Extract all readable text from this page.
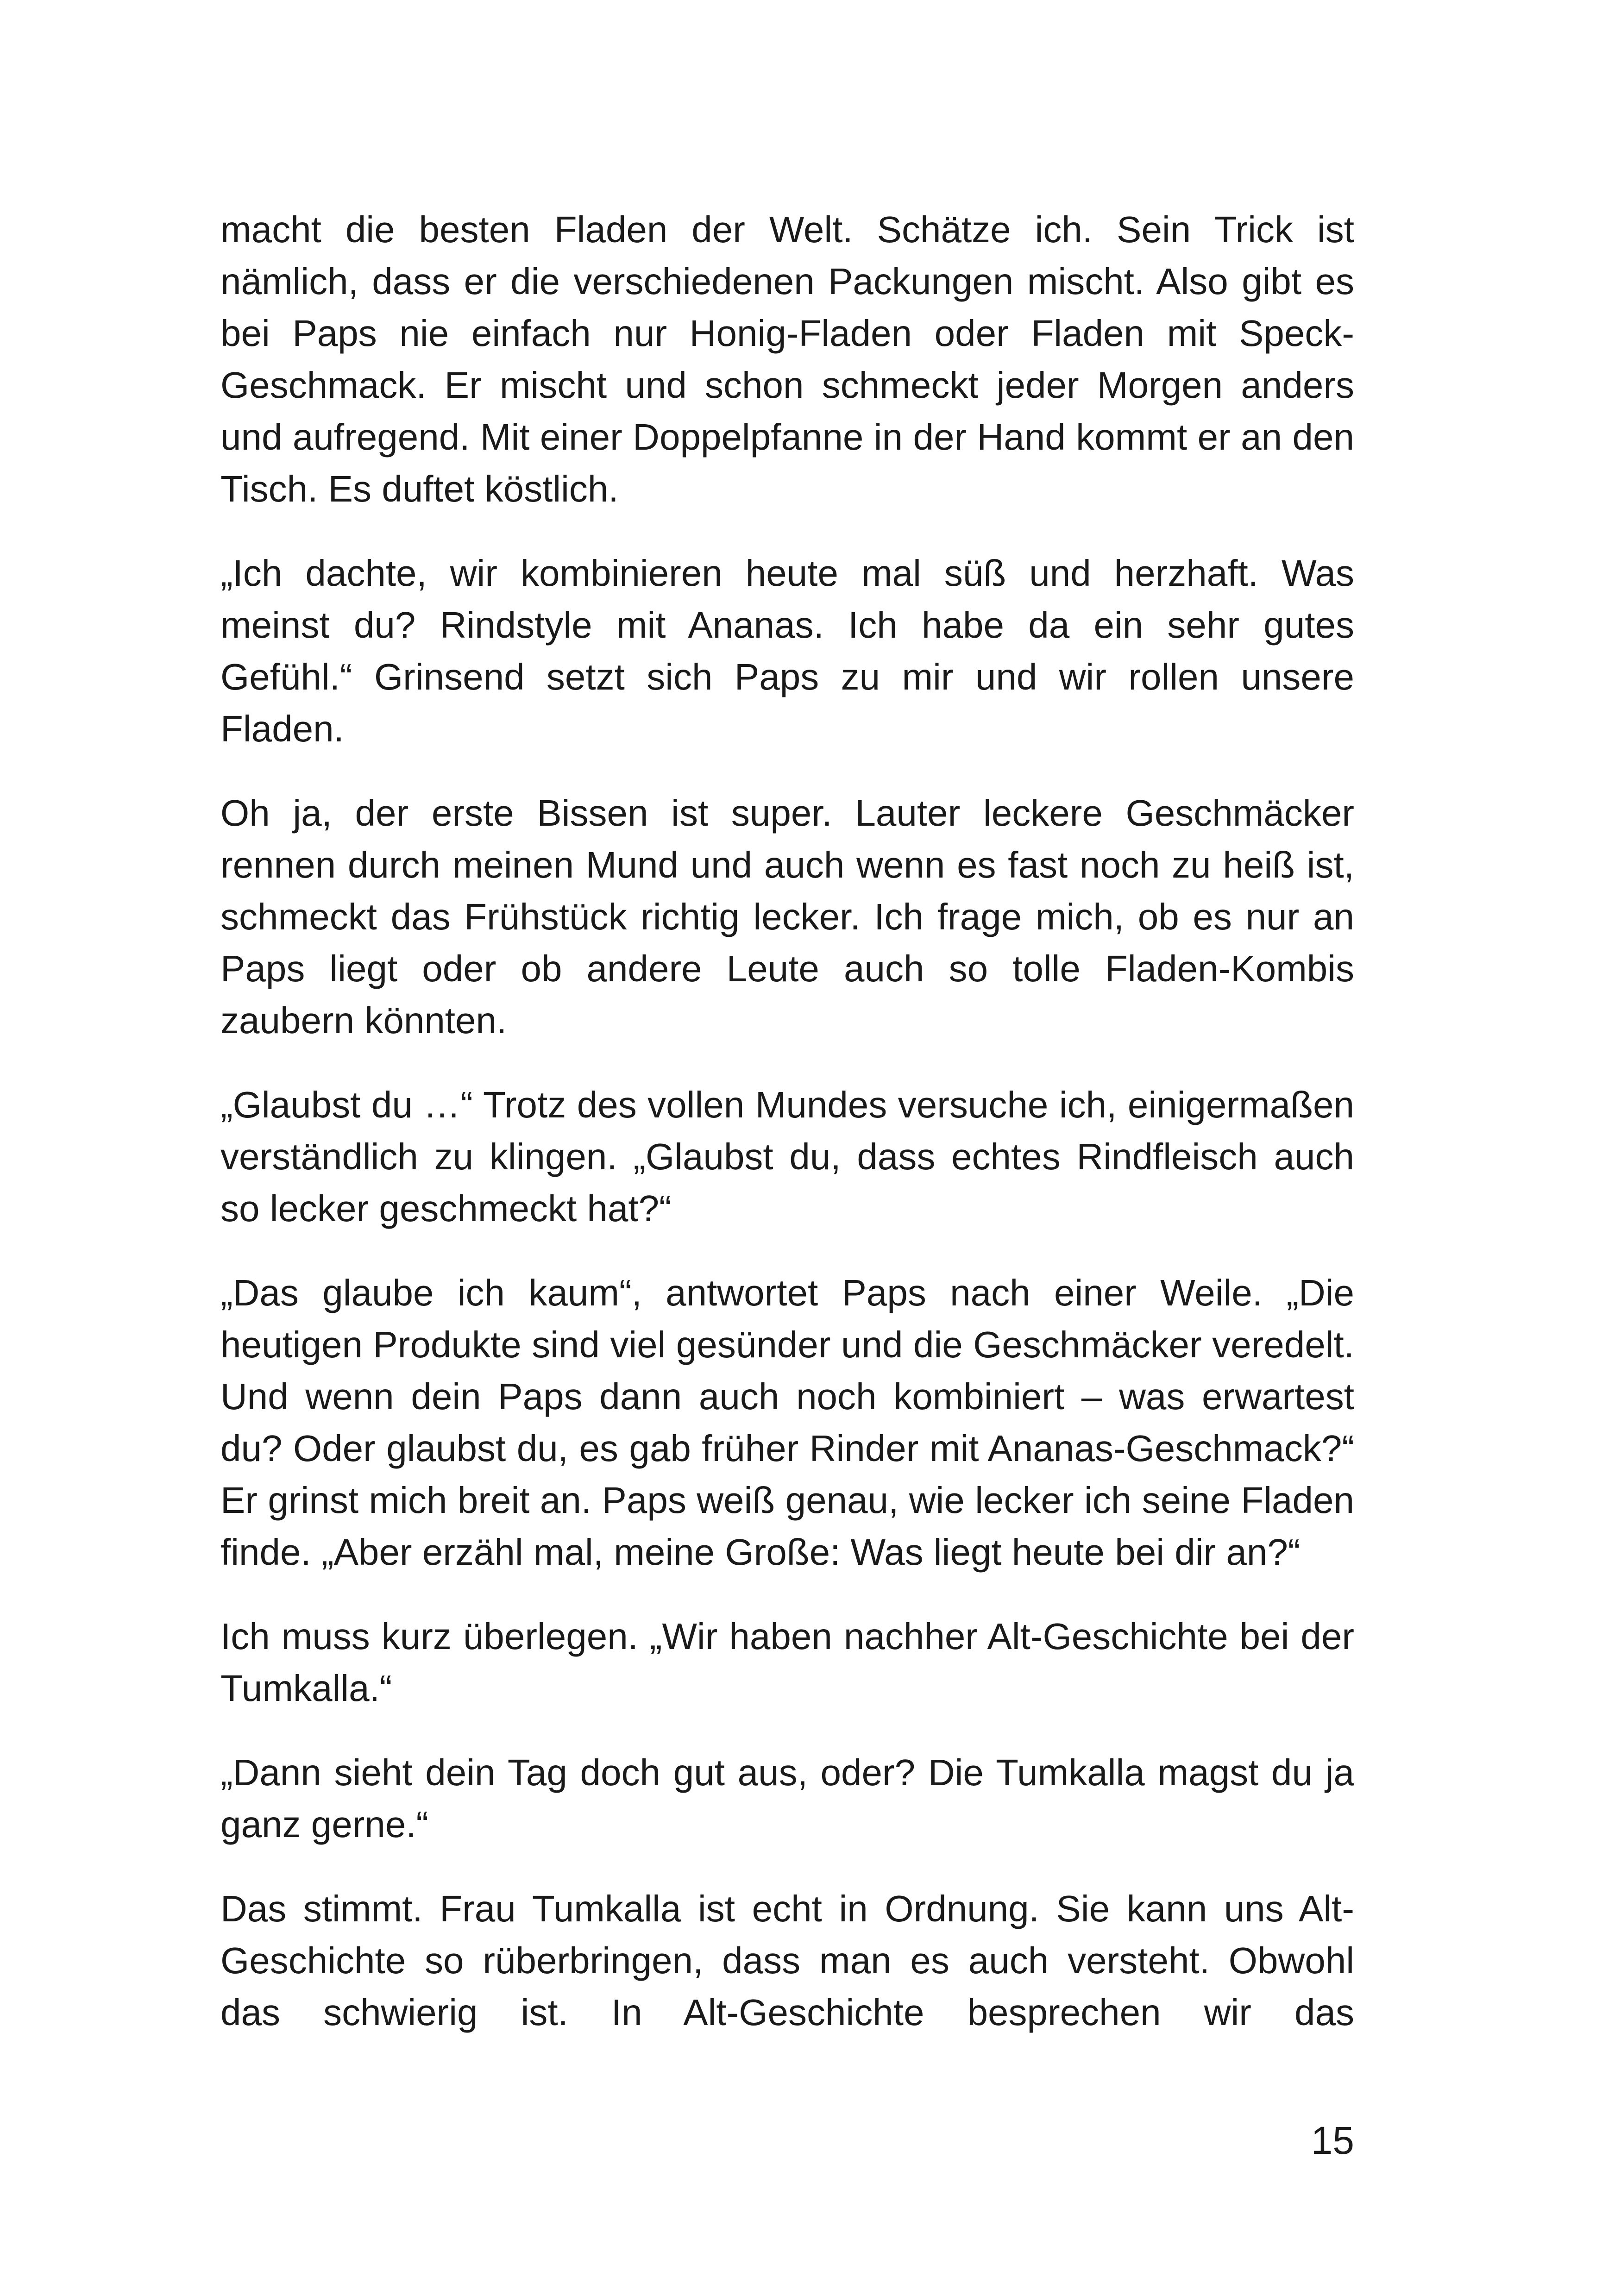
macht die besten Fladen der Welt. Schätze ich. Sein Trick ist nämlich, dass er die verschiedenen Packungen mischt. Also gibt es bei Paps nie einfach nur Honig-Fladen oder Fladen mit Speck-Geschmack. Er mischt und schon schmeckt jeder Morgen anders und aufregend. Mit einer Doppelpfanne in der Hand kommt er an den Tisch. Es duftet köstlich.

„Ich dachte, wir kombinieren heute mal süß und herzhaft. Was meinst du? Rindstyle mit Ananas. Ich habe da ein sehr gutes Gefühl.“ Grinsend setzt sich Paps zu mir und wir rollen unsere Fladen.

Oh ja, der erste Bissen ist super. Lauter leckere Geschmäcker rennen durch meinen Mund und auch wenn es fast noch zu heiß ist, schmeckt das Frühstück richtig lecker. Ich frage mich, ob es nur an Paps liegt oder ob andere Leute auch so tolle Fladen-Kombis zaubern könnten.

„Glaubst du …“ Trotz des vollen Mundes versuche ich, einigermaßen verständlich zu klingen. „Glaubst du, dass echtes Rindfleisch auch so lecker geschmeckt hat?“

„Das glaube ich kaum“, antwortet Paps nach einer Weile. „Die heutigen Produkte sind viel gesünder und die Geschmäcker veredelt. Und wenn dein Paps dann auch noch kombiniert – was erwartest du? Oder glaubst du, es gab früher Rinder mit Ananas-Geschmack?“ Er grinst mich breit an. Paps weiß genau, wie lecker ich seine Fladen finde. „Aber erzähl mal, meine Große: Was liegt heute bei dir an?“

Ich muss kurz überlegen. „Wir haben nachher Alt-Geschichte bei der Tumkalla.“

„Dann sieht dein Tag doch gut aus, oder? Die Tumkalla magst du ja ganz gerne.“

Das stimmt. Frau Tumkalla ist echt in Ordnung. Sie kann uns Alt-Geschichte so rüberbringen, dass man es auch versteht. Obwohl das schwierig ist. In Alt-Geschichte besprechen wir das

15
